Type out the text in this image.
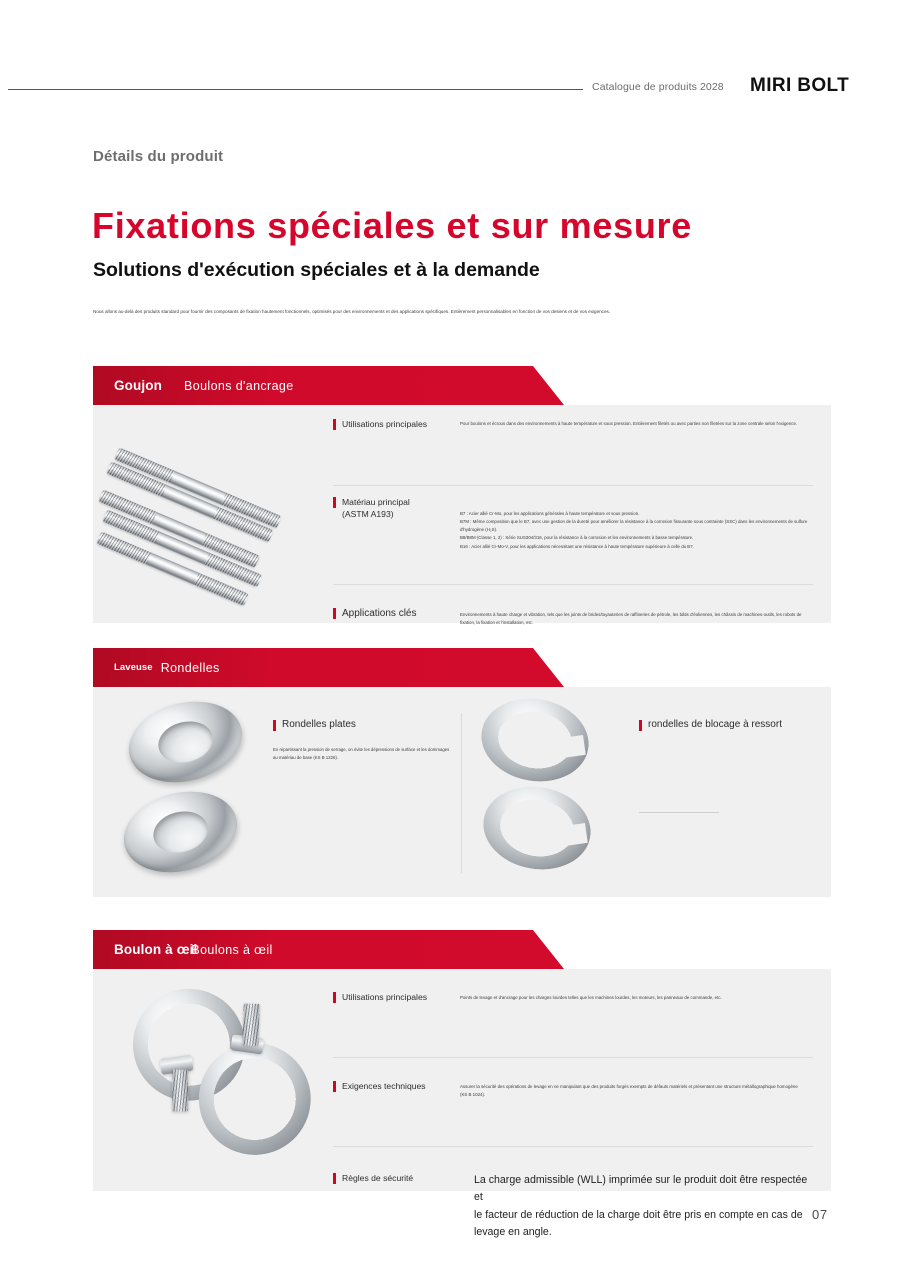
Catalogue de produits 2028 MIRI BOLT
Détails du produit
Fixations spéciales et sur mesure
Solutions d'exécution spéciales et à la demande

Nous allons au-delà des produits standard pour fournir des composants de fixation hautement fonctionnels, optimisés pour des environnements et des applications spécifiques. Entièrement personnalisables en fonction de vos desiens et de vos exigences.

Goujon Boulons d'ancrage
Utilisations principales	Pour boulons et écrous dans des environnements à haute température et sous pression. Entièrement filetés ou avec parties non filetées sur la zone centrale selon l'exigence.
Matériau principal
(ASTM A193)	B7 : Acier allié Cr-Mo, pour les applications générales à haute température et sous pression.
B7M : Même composition que le B7, avec une gestion de la dureté pour améliorer la résistance à la corrosion fissurante sous contrainte (SSC) dans les environnements de sulfure d'hydrogène (H₂S).
B8/B8M (Classe 1, 2) : Série SUS304/316, pour la résistance à la corrosion et les environnements à basse température.
B16 : Acier allié Cr-Mo-V, pour les applications nécessitant une résistance à haute température supérieure à celle du B7.
Applications clés	Environnements à haute charge et vibration, tels que les joints de brides/tuyauteries de raffineries de pétrole, les bâtis d'éoliennes, les châssis de machines-outils, les robots de fixation, la fixation et l'installation, etc.
Laveuse Rondelles
Rondelles plates
En répartissant la pression de serrage, on évite les dépressions de surface et les dommages au matériau de base (KS B 1326).
rondelles de blocage à ressort
Boulon à œil
Boulons à œil
Utilisations principales	Points de levage et d'ancrage pour les charges lourdes telles que les machines lourdes, les moteurs, les panneaux de commande, etc.
Exigences techniques	Assurer la sécurité des opérations de levage en ne manipulant que des produits forgés exempts de défauts matériels et présentant une structure métallographique homogène
(KS B 1024).
Règles de sécurité	La charge admissible (WLL) imprimée sur le produit doit être respectée et
le facteur de réduction de la charge doit être pris en compte en cas de levage en angle.
07
